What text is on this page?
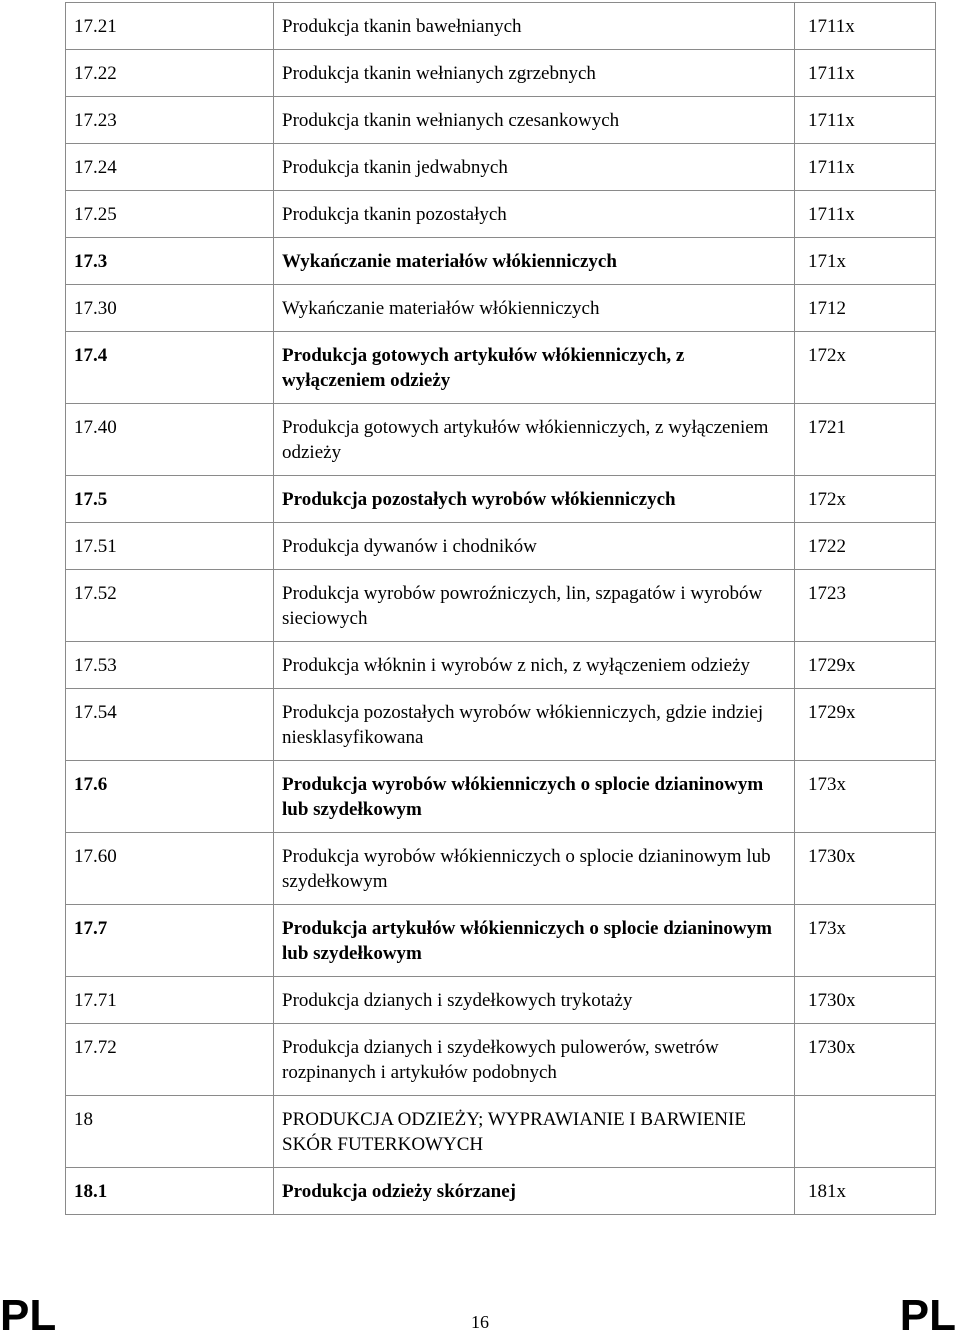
17.21	Produkcja tkanin bawełnianych	1711x
17.22	Produkcja tkanin wełnianych zgrzebnych	1711x
17.23	Produkcja tkanin wełnianych czesankowych	1711x
17.24	Produkcja tkanin jedwabnych	1711x
17.25	Produkcja tkanin pozostałych	1711x
17.3	Wykańczanie materiałów włókienniczych	171x
17.30	Wykańczanie materiałów włókienniczych	1712
17.4	Produkcja gotowych artykułów włókienniczych, z wyłączeniem odzieży	172x
17.40	Produkcja gotowych artykułów włókienniczych, z wyłączeniem odzieży	1721
17.5	Produkcja pozostałych wyrobów włókienniczych	172x
17.51	Produkcja dywanów i chodników	1722
17.52	Produkcja wyrobów powroźniczych, lin, szpagatów i wyrobów sieciowych	1723
17.53	Produkcja włóknin i wyrobów z nich, z wyłączeniem odzieży	1729x
17.54	Produkcja pozostałych wyrobów włókienniczych, gdzie indziej niesklasyfikowana	1729x
17.6	Produkcja wyrobów włókienniczych o splocie dzianinowym lub szydełkowym	173x
17.60	Produkcja wyrobów włókienniczych o splocie dzianinowym lub szydełkowym	1730x
17.7	Produkcja artykułów włókienniczych o splocie dzianinowym lub szydełkowym	173x
17.71	Produkcja dzianych i szydełkowych trykotaży	1730x
17.72	Produkcja dzianych i szydełkowych pulowerów, swetrów rozpinanych i artykułów podobnych	1730x
18	PRODUKCJA ODZIEŻY; WYPRAWIANIE I BARWIENIE SKÓR FUTERKOWYCH	
18.1	Produkcja odzieży skórzanej	181x
PL	16	PL
